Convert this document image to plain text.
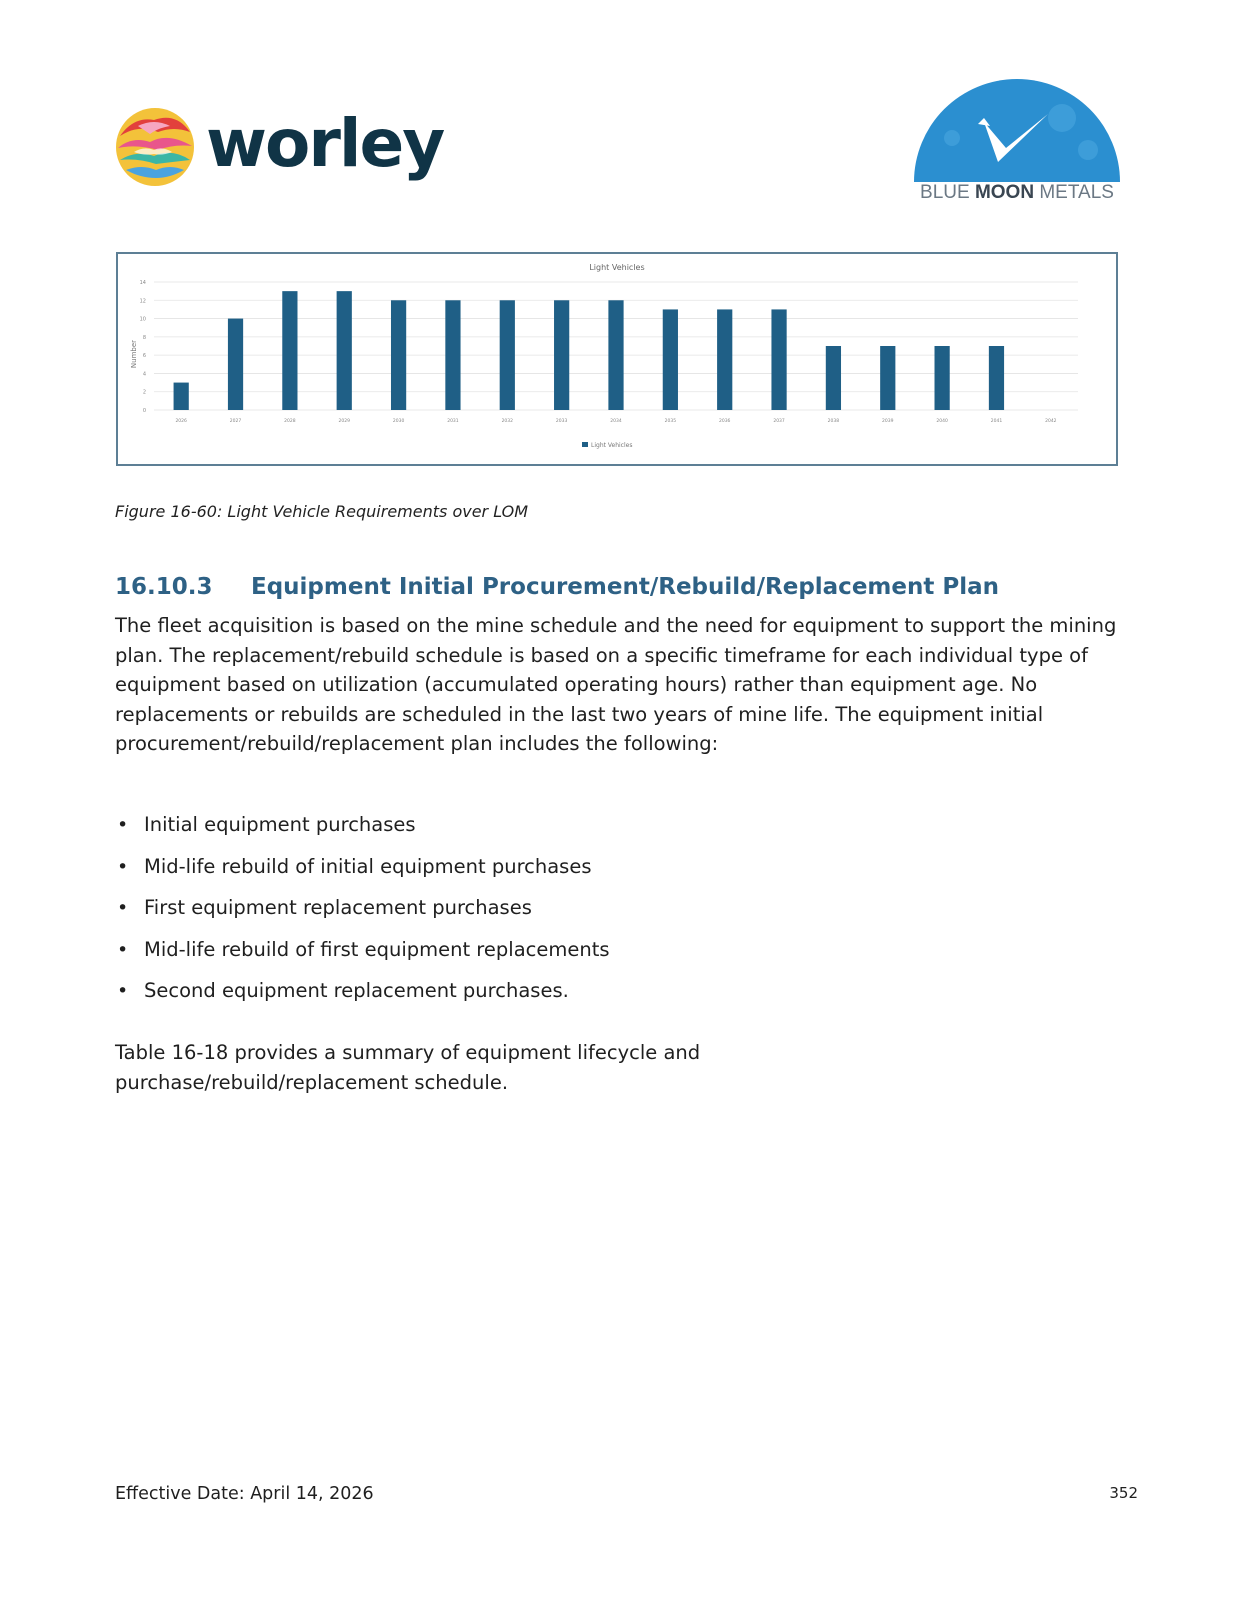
worley
BLUE MOON METALS
Light Vehicles
Number
0
2
4
6
8
10
12
14
2026	2027	2028	2029	2030	2031	2032	2033	2034	2035	2036	2037	2038	2039	2040	2041	2042
Light Vehicles
Figure 16-60: Light Vehicle Requirements over LOM
16.10.3 Equipment Initial Procurement/Rebuild/Replacement Plan

The fleet acquisition is based on the mine schedule and the need for equipment to support the mining plan. The replacement/rebuild schedule is based on a specific timeframe for each individual type of equipment based on utilization (accumulated operating hours) rather than equipment age. No replacements or rebuilds are scheduled in the last two years of mine life. The equipment initial procurement/rebuild/replacement plan includes the following:

• Initial equipment purchases
• Mid-life rebuild of initial equipment purchases
• First equipment replacement purchases
• Mid-life rebuild of first equipment replacements
• Second equipment replacement purchases.

Table 16-18 provides a summary of equipment lifecycle and purchase/rebuild/replacement schedule.

Effective Date: April 14, 2026	352
